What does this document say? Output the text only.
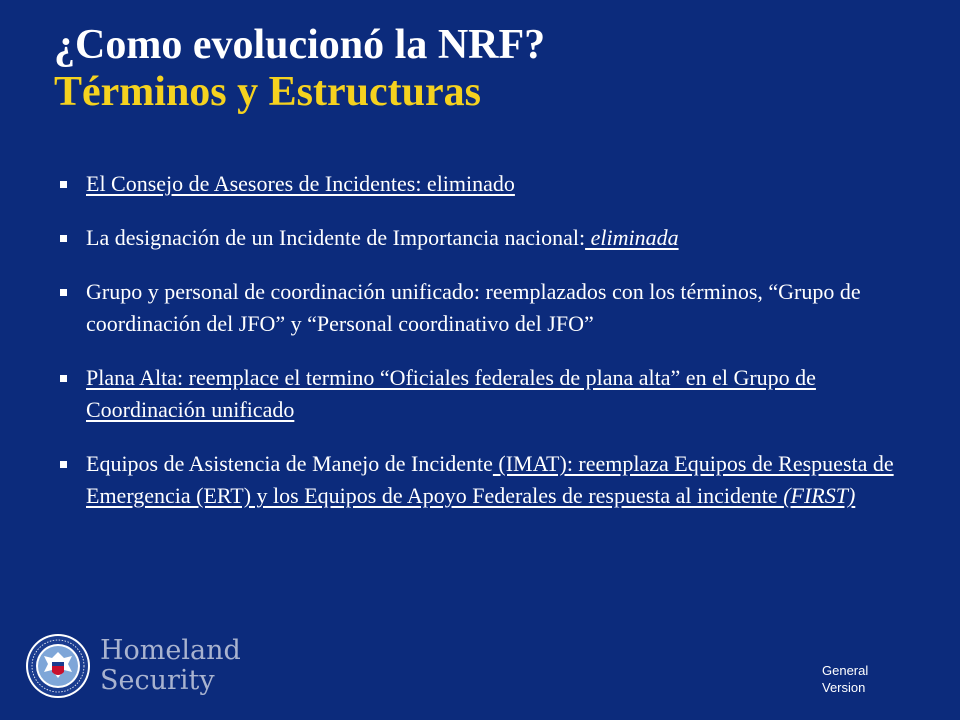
¿Como evolucionó la NRF?
Términos y Estructuras
El Consejo de Asesores de Incidentes: eliminado
La designación de un Incidente de Importancia nacional: eliminada
Grupo y personal de coordinación unificado: reemplazados con los términos, “Grupo de coordinación del JFO” y “Personal coordinativo del JFO”
Plana Alta: reemplace el termino “Oficiales federales de plana alta” en el Grupo de Coordinación unificado
Equipos de Asistencia de Manejo de Incidente (IMAT): reemplaza Equipos de Respuesta de Emergencia (ERT) y los Equipos de Apoyo Federales de respuesta al incidente (FIRST)
Homeland
Security	General
Version
